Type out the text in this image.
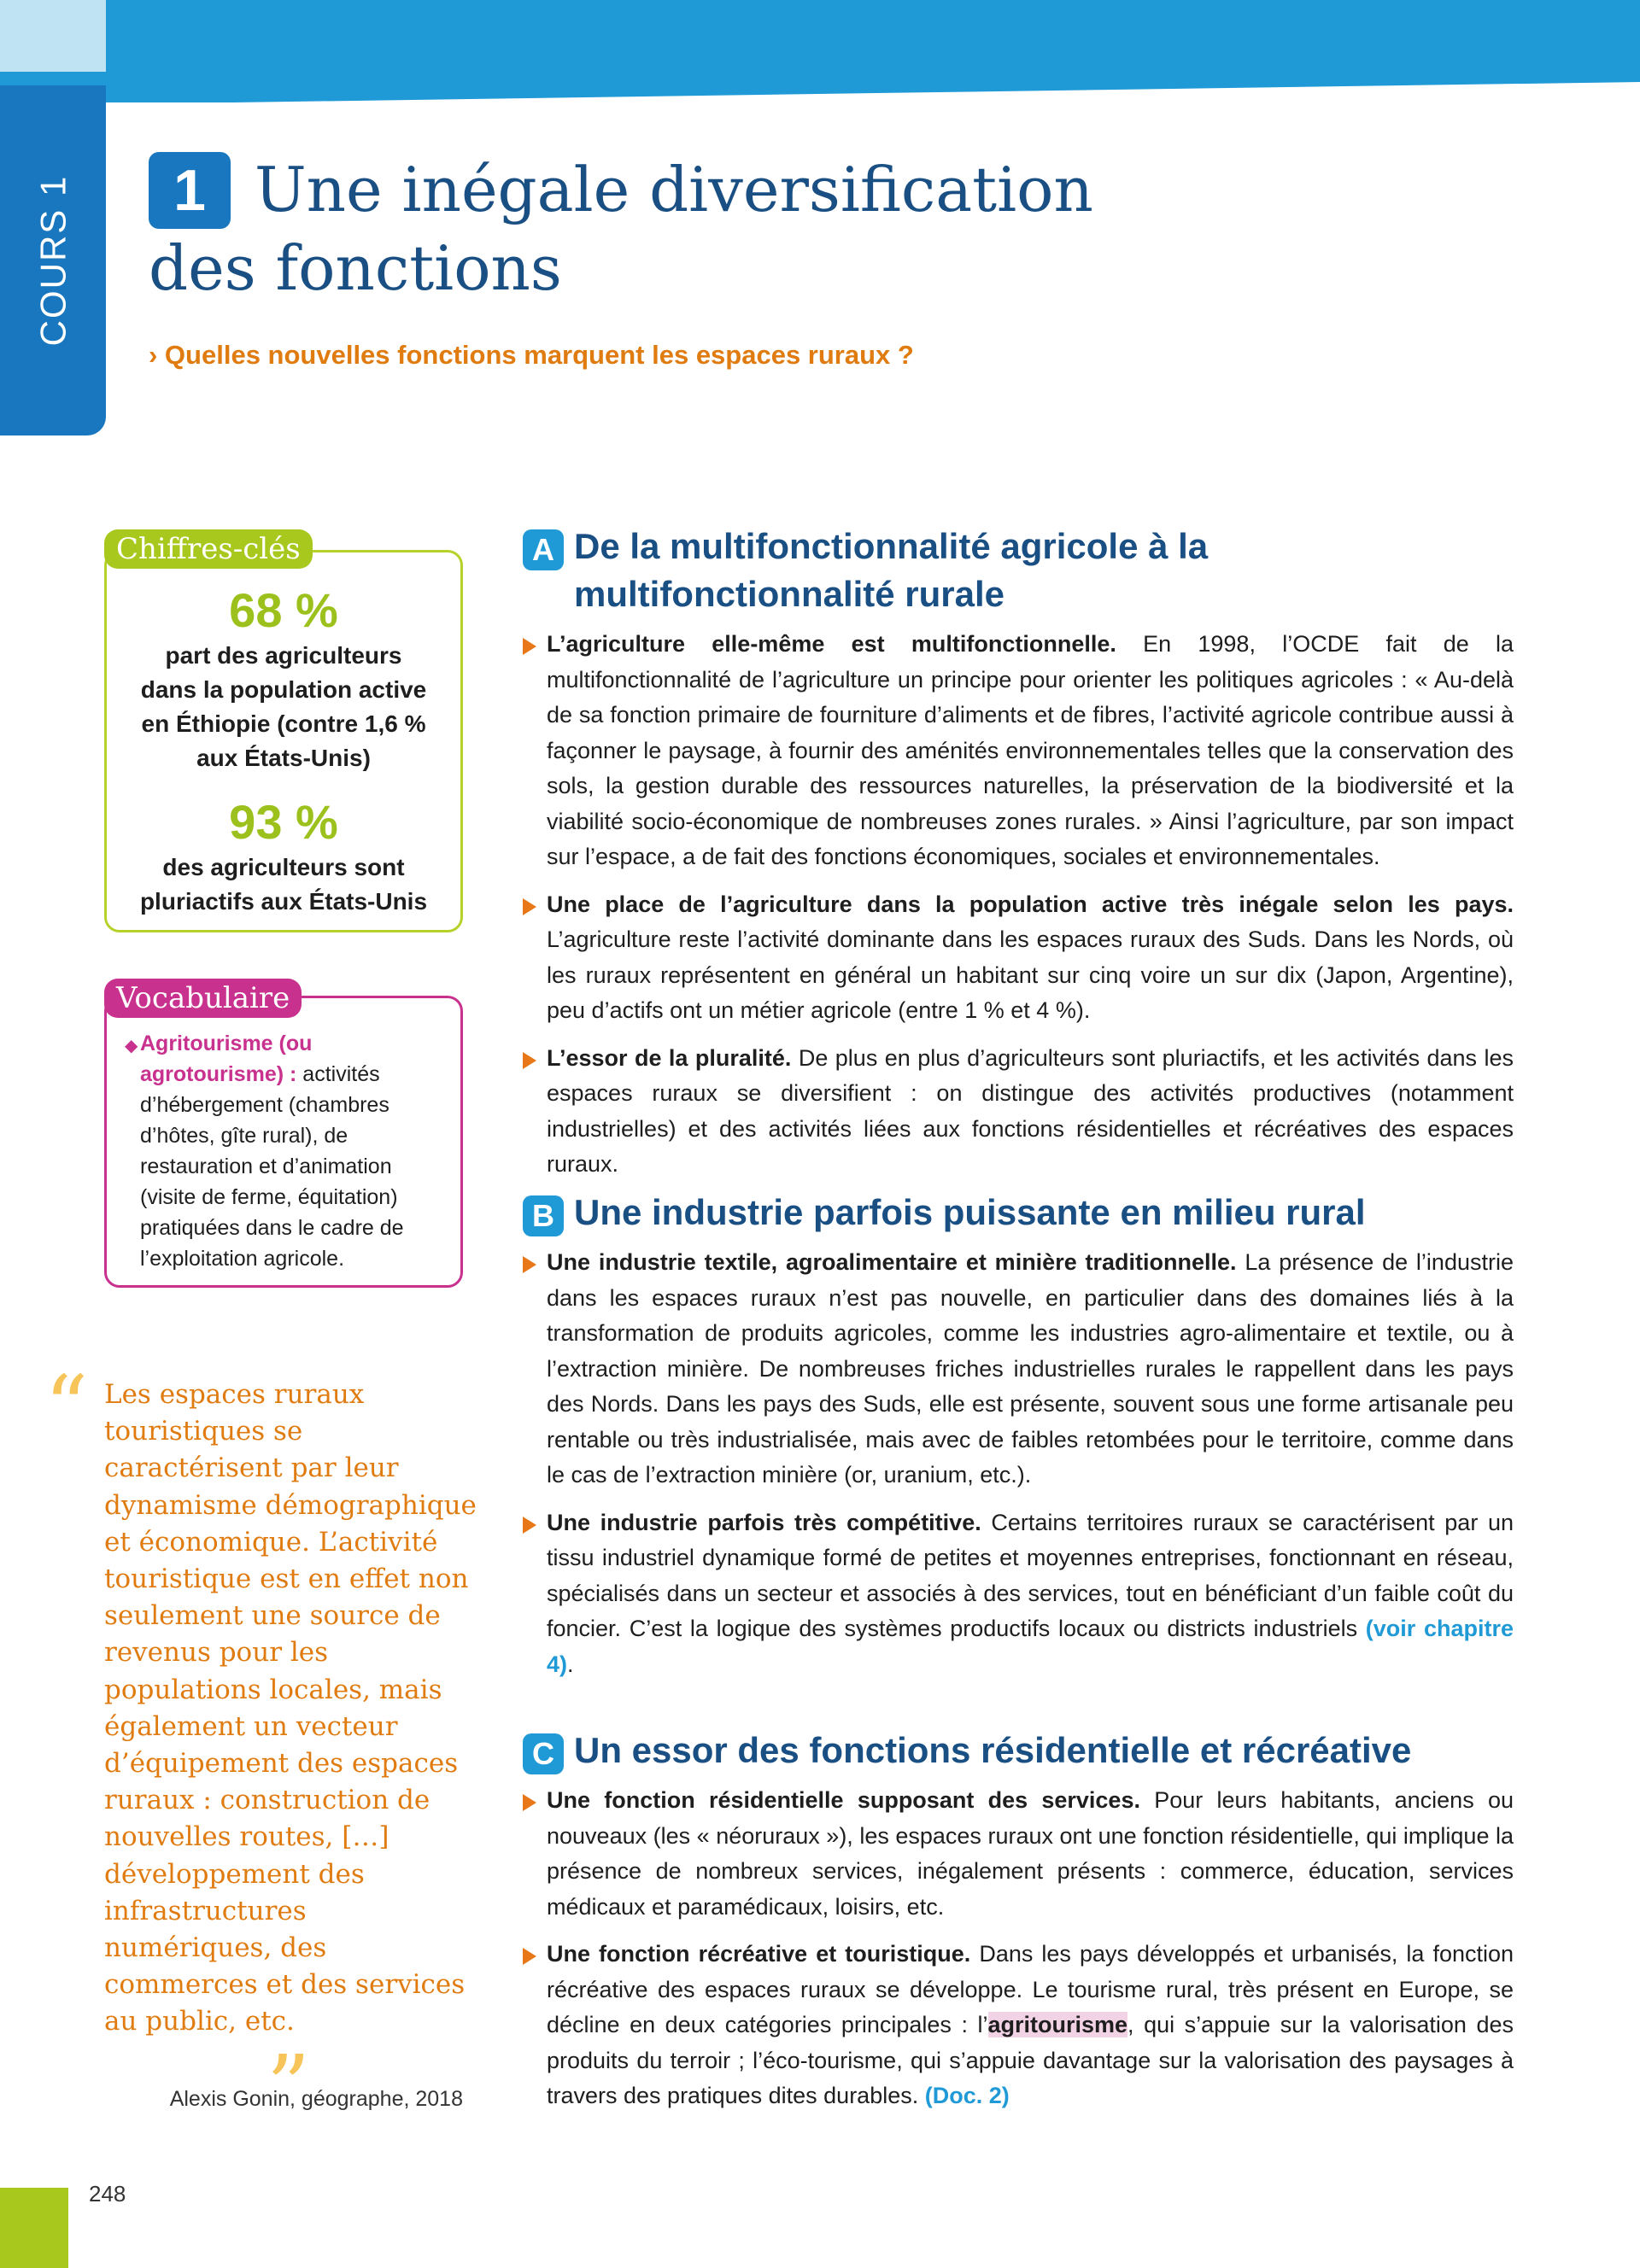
COURS 1	Une inégale diversification
des fonctions
1
› Quelles nouvelles fonctions marquent les espaces ruraux ?
Chiffres-clés
68 %
part des agriculteurs dans la population active en Éthiopie (contre 1,6 % aux États-Unis)
93 %
des agriculteurs sont pluriactifs aux États-Unis
Vocabulaire
◆ Agritourisme (ou agrotourisme) : activités d’hébergement (chambres d’hôtes, gîte rural), de restauration et d’animation (visite de ferme, équitation) pratiquées dans le cadre de l’exploitation agricole.
“ Les espaces ruraux touristiques se caractérisent par leur dynamisme démographique et économique. L’activité touristique est en effet non seulement une source de revenus pour les populations locales, mais également un vecteur d’équipement des espaces ruraux : construction de nouvelles routes, […] développement des infrastructures numériques, des commerces et des services au public, etc.
”
Alexis Gonin, géographe, 2018
A De la multifonctionnalité agricole à la multifonctionnalité rurale
L’agriculture elle-même est multifonctionnelle. En 1998, l’OCDE fait de la multifonctionnalité de l’agriculture un principe pour orienter les politiques agricoles : « Au-delà de sa fonction primaire de fourniture d’aliments et de fibres, l’activité agricole contribue aussi à façonner le paysage, à fournir des aménités environnementales telles que la conservation des sols, la gestion durable des ressources naturelles, la préservation de la biodiversité et la viabilité socio-économique de nombreuses zones rurales. » Ainsi l’agriculture, par son impact sur l’espace, a de fait des fonctions économiques, sociales et environnementales.
Une place de l’agriculture dans la population active très inégale selon les pays. L’agriculture reste l’activité dominante dans les espaces ruraux des Suds. Dans les Nords, où les ruraux représentent en général un habitant sur cinq voire un sur dix (Japon, Argentine), peu d’actifs ont un métier agricole (entre 1 % et 4 %).
L’essor de la pluralité. De plus en plus d’agriculteurs sont pluriactifs, et les activités dans les espaces ruraux se diversifient : on distingue des activités productives (notamment industrielles) et des activités liées aux fonctions résidentielles et récréatives des espaces ruraux.
B Une industrie parfois puissante en milieu rural
Une industrie textile, agroalimentaire et minière traditionnelle. La présence de l’industrie dans les espaces ruraux n’est pas nouvelle, en particulier dans des domaines liés à la transformation de produits agricoles, comme les industries agro-alimentaire et textile, ou à l’extraction minière. De nombreuses friches industrielles rurales le rappellent dans les pays des Nords. Dans les pays des Suds, elle est présente, souvent sous une forme artisanale peu rentable ou très industrialisée, mais avec de faibles retombées pour le territoire, comme dans le cas de l’extraction minière (or, uranium, etc.).
Une industrie parfois très compétitive. Certains territoires ruraux se caractérisent par un tissu industriel dynamique formé de petites et moyennes entreprises, fonctionnant en réseau, spécialisés dans un secteur et associés à des services, tout en bénéficiant d’un faible coût du foncier. C’est la logique des systèmes productifs locaux ou districts industriels (voir chapitre 4).
C Un essor des fonctions résidentielle et récréative
Une fonction résidentielle supposant des services. Pour leurs habitants, anciens ou nouveaux (les « néoruraux »), les espaces ruraux ont une fonction résidentielle, qui implique la présence de nombreux services, inégalement présents : commerce, éducation, services médicaux et paramédicaux, loisirs, etc.
Une fonction récréative et touristique. Dans les pays développés et urbanisés, la fonction récréative des espaces ruraux se développe. Le tourisme rural, très présent en Europe, se décline en deux catégories principales : l’agritourisme, qui s’appuie sur la valorisation des produits du terroir ; l’éco-tourisme, qui s’appuie davantage sur la valorisation des paysages à travers des pratiques dites durables. (Doc. 2)
248
